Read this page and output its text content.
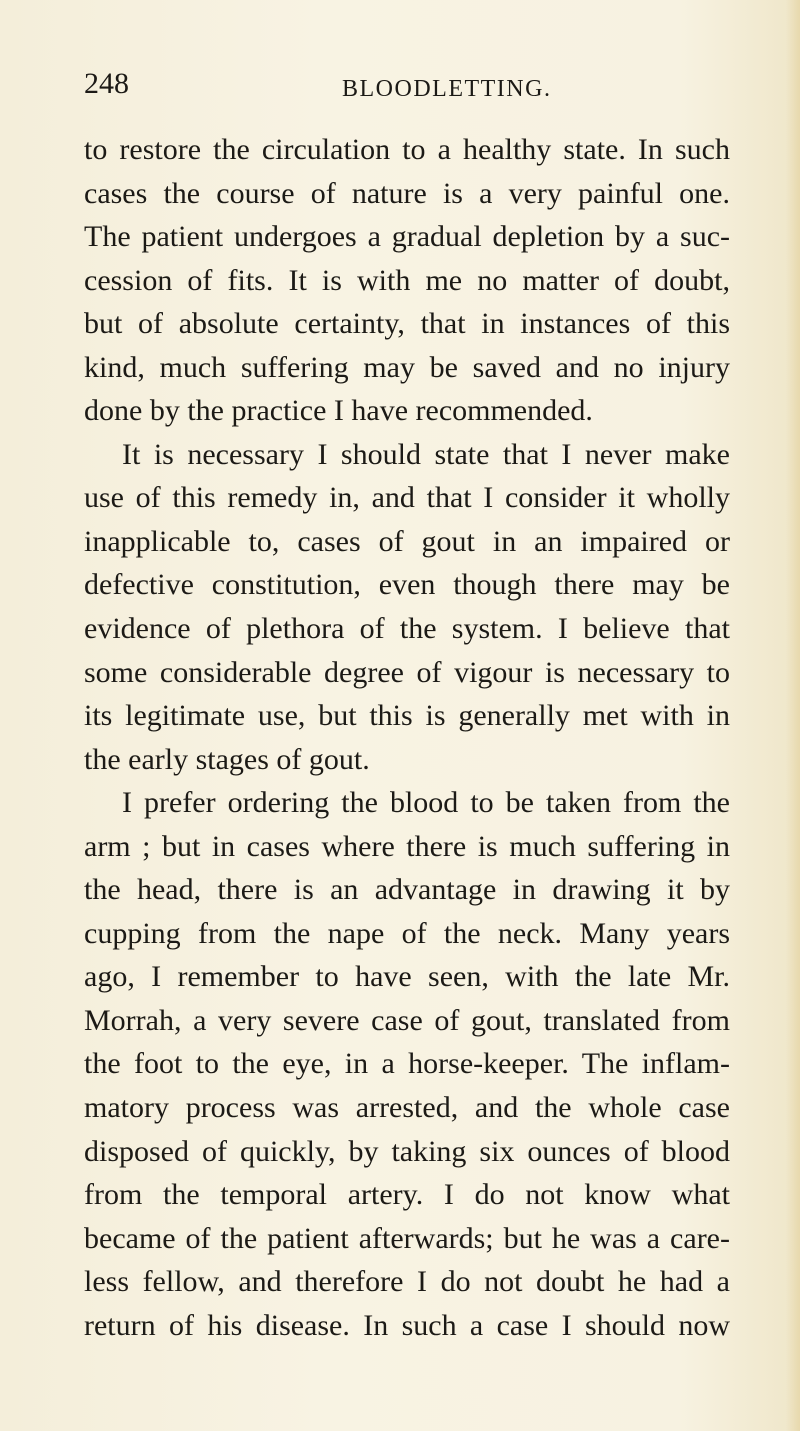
248	BLOODLETTING.
to restore the circulation to a healthy state. In such
cases the course of nature is a very painful one.
The patient undergoes a gradual depletion by a suc-
cession of fits. It is with me no matter of doubt,
but of absolute certainty, that in instances of this
kind, much suffering may be saved and no injury
done by the practice I have recommended.
It is necessary I should state that I never make
use of this remedy in, and that I consider it wholly
inapplicable to, cases of gout in an impaired or
defective constitution, even though there may be
evidence of plethora of the system. I believe that
some considerable degree of vigour is necessary to
its legitimate use, but this is generally met with in
the early stages of gout.
I prefer ordering the blood to be taken from the
arm ; but in cases where there is much suffering in
the head, there is an advantage in drawing it by
cupping from the nape of the neck. Many years
ago, I remember to have seen, with the late Mr.
Morrah, a very severe case of gout, translated from
the foot to the eye, in a horse-keeper. The inflam-
matory process was arrested, and the whole case
disposed of quickly, by taking six ounces of blood
from the temporal artery. I do not know what
became of the patient afterwards; but he was a care-
less fellow, and therefore I do not doubt he had a
return of his disease. In such a case I should now
